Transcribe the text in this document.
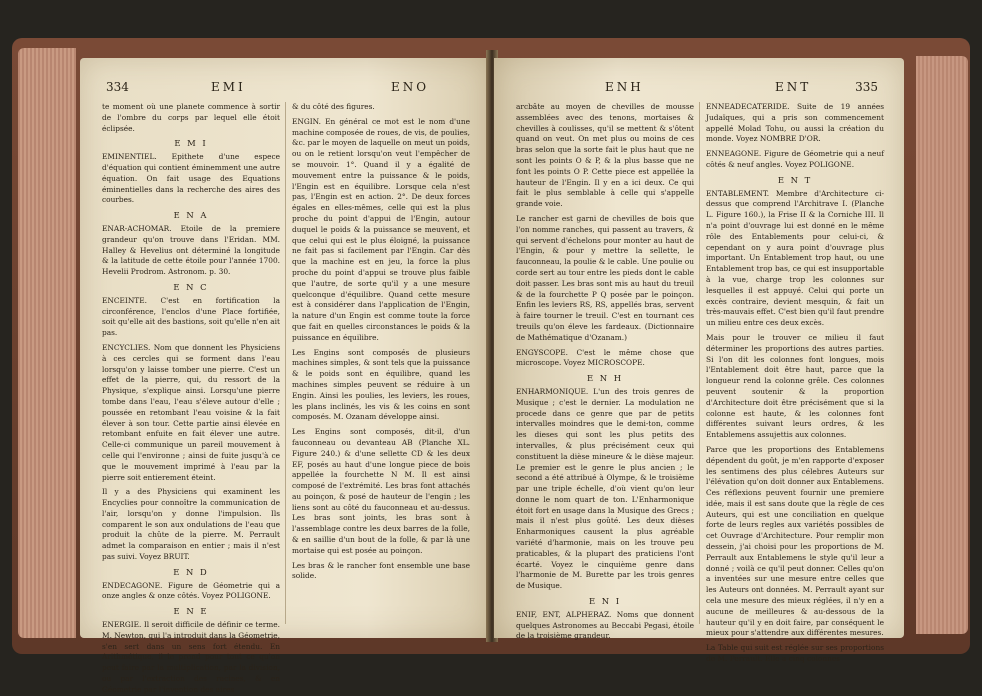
334	EMI	ENO

te moment où une planete commence à sortir de l'ombre du corps par lequel elle étoit éclipsée.

E M I

EMINENTIEL. Epithete d'une espece d'équation qui contient éminemment une autre équation. On fait usage des Equations éminentielles dans la recherche des aires des courbes.

E N A

ENAR-ACHOMAR. Etoile de la premiere grandeur qu'on trouve dans l'Eridan. MM. Halley & Hevelius ont déterminé la longitude & la latitude de cette étoile pour l'année 1700. Hevelii Prodrom. Astronom. p. 30.

E N C

ENCEINTE. C'est en fortification la circonférence, l'enclos d'une Place fortifiée, soit qu'elle ait des bastions, soit qu'elle n'en ait pas.

ENCYCLIES. Nom que donnent les Physiciens à ces cercles qui se forment dans l'eau lorsqu'on y laisse tomber une pierre. C'est un effet de la pierre, qui, du ressort de la Physique, s'explique ainsi. Lorsqu'une pierre tombe dans l'eau, l'eau s'éleve autour d'elle ; poussée en retombant l'eau voisine & la fait élever à son tour. Cette partie ainsi élevée en retombant enfuite en fait élever une autre. Celle-ci communique un pareil mouvement à celle qui l'environne ; ainsi de fuite jusqu'à ce que le mouvement imprimé à l'eau par la pierre soit entierement éteint.

Il y a des Physiciens qui examinent les Encyclies pour connoître la communication de l'air, lorsqu'on y donne l'impulsion. Ils comparent le son aux ondulations de l'eau que produit la chûte de la pierre. M. Perrault admet la comparaison en entier ; mais il n'est pas suivi. Voyez BRUIT.

E N D

ENDECAGONE. Figure de Géometrie qui a onze angles & onze côtés. Voyez POLIGONE.

E N E

ENERGIE. Il seroit difficile de définir ce terme. M. Newton, qui l'a introduit dans la Géometrie, s'en sert dans un sens fort étendu. En Arithmétique, il le prend pour tout ce qu'on peut faire par la multiplication, par la division, ou par l'extraction des racines, & en Géometrie par l'invention des aires

& du côté des figures.

ENGIN. En général ce mot est le nom d'une machine composée de roues, de vis, de poulies, &c. par le moyen de laquelle on meut un poids, ou on le retient lorsqu'on veut l'empêcher de se mouvoir. 1°. Quand il y a égalité de mouvement entre la puissance & le poids, l'Engin est en équilibre. Lorsque cela n'est pas, l'Engin est en action. 2°. De deux forces égales en elles-mêmes, celle qui est la plus proche du point d'appui de l'Engin, autour duquel le poids & la puissance se meuvent, et que celui qui est le plus éloigné, la puissance ne fait pas si facilement par l'Engin. Car dès que la machine est en jeu, la force la plus proche du point d'appui se trouve plus faible que l'autre, de sorte qu'il y a une mesure quelconque d'équilibre. Quand cette mesure est à considérer dans l'application de l'Engin, la nature d'un Engin est comme toute la force que fait en quelles circonstances le poids & la puissance en équilibre.

Les Engins sont composés de plusieurs machines simples, & sont tels que la puissance & le poids sont en équilibre, quand les machines simples peuvent se réduire à un Engin. Ainsi les poulies, les leviers, les roues, les plans inclinés, les vis & les coins en sont composés. M. Ozanam développe ainsi.

Les Engins sont composés, dit-il, d'un fauconneau ou devanteau AB (Planche XL. Figure 240.) & d'une sellette CD & les deux EF, posés au haut d'une longue piece de bois appellée la fourchette N M. Il est ainsi composé de l'extrémité. Les bras font attachés au poinçon, & posé de hauteur de l'engin ; les liens sont au côté du fauconneau et au-dessus. Les bras sont joints, les bras sont à l'assemblage contre les deux barres de la folle, & en saillie d'un bout de la folle, & par là une mortaise qui est posée au poinçon.

Les bras & le rancher font ensemble une base solide.

ENH	ENT	335

arcbâte au moyen de chevilles de mousse assemblées avec des tenons, mortaises & chevilles à coulisses, qu'il se mettent & s'ôtent quand on veut. On met plus ou moins de ces bras selon que la sorte fait le plus haut que ne sont les points O & P, & la plus basse que ne font les points O P. Cette piece est appellée la hauteur de l'Engin. Il y en a ici deux. Ce qui fait le plus semblable à celle qui s'appelle grande voie.

Le rancher est garni de chevilles de bois que l'on nomme ranches, qui passent au travers, & qui servent d'échelons pour monter au haut de l'Engin, & pour y mettre la sellette, le fauconneau, la poulie & le cable. Une poulie ou corde sert au tour entre les pieds dont le cable doit passer. Les bras sont mis au haut du treuil & de la fourchette P Q posée par le poinçon. Enfin les leviers RS, RS, appellés bras, servent à faire tourner le treuil. C'est en tournant ces treuils qu'on éleve les fardeaux. (Dictionnaire de Mathématique d'Ozanam.)

ENGYSCOPE. C'est le même chose que microscope. Voyez MICROSCOPE.

E N H

ENHARMONIQUE. L'un des trois genres de Musique ; c'est le dernier. La modulation ne procede dans ce genre que par de petits intervalles moindres que le demi-ton, comme les dieses qui sont les plus petits des intervalles, & plus précisément ceux qui constituent la dièse mineure & le dièse majeur. Le premier est le genre le plus ancien ; le second a été attribué à Olympe, & le troisième par une triple échelle, d'où vient qu'on leur donne le nom quart de ton. L'Enharmonique étoit fort en usage dans la Musique des Grecs ; mais il n'est plus goûté. Les deux dièses Enharmoniques causent la plus agréable variété d'harmonie, mais on les trouve peu praticables, & la plupart des praticiens l'ont écarté. Voyez le cinquième genre dans l'harmonie de M. Burette par les trois genres de Musique.

E N I

ENIF, ENT, ALPHERAZ. Noms que donnent quelques Astronomes au Beccabi Pegasi, étoile de la troisième grandeur.

ENNEADECATERIDE. Suite de 19 années Judaïques, qui a pris son commencement appellé Molad Tohu, ou aussi la création du monde. Voyez NOMBRE D'OR.

ENNEAGONE. Figure de Géometrie qui a neuf côtés & neuf angles. Voyez POLIGONE.

E N T

ENTABLEMENT. Membre d'Architecture ci-dessus que comprend l'Architrave I. (Planche L. Figure 160.), la Frise II & la Corniche III. Il n'a point d'ouvrage lui est donné en le même rôle des Entablements pour celui-ci, & cependant on y aura point d'ouvrage plus important. Un Entablement trop haut, ou une Entablement trop bas, ce qui est insupportable à la vue, charge trop les colonnes sur lesquelles il est appuyé. Celui qui porte un excès contraire, devient mesquin, & fait un très-mauvais effet. C'est bien qu'il faut prendre un milieu entre ces deux excès.

Mais pour le trouver ce milieu il faut déterminer les proportions des autres parties. Si l'on dit les colonnes font longues, mois l'Entablement doit être haut, parce que la longueur rend la colonne grêle. Ces colonnes peuvent soutenir & la proportion d'Architecture doit être précisément que si la colonne est haute, & les colonnes font différentes suivant leurs ordres, & les Entablemens assujettis aux colonnes.

Parce que les proportions des Entablemens dépendent du goût, je m'en rapporte d'exposer les sentimens des plus célebres Auteurs sur l'élévation qu'on doit donner aux Entablemens. Ces réflexions peuvent fournir une premiere idée, mais il est sans doute que la règle de ces Auteurs, qui est une conciliation en quelque forte de leurs regles aux variétés possibles de cet Ouvrage d'Architecture. Pour remplir mon dessein, j'ai choisi pour les proportions de M. Perrault aux Entablemens le style qu'il leur a donné ; voilà ce qu'il peut donner. Celles qu'on a inventées sur une mesure entre celles que les Auteurs ont données. M. Perrault ayant sur cela une mesure des mieux réglées, il n'y en a aucune de meilleures & au-dessous de la hauteur qu'il y en doit faire, par conséquent le mieux pour s'attendre aux différentes mesures.

La Table qui suit est réglée sur ses proportions de M. Perrault. Elle a cinq colonnes
